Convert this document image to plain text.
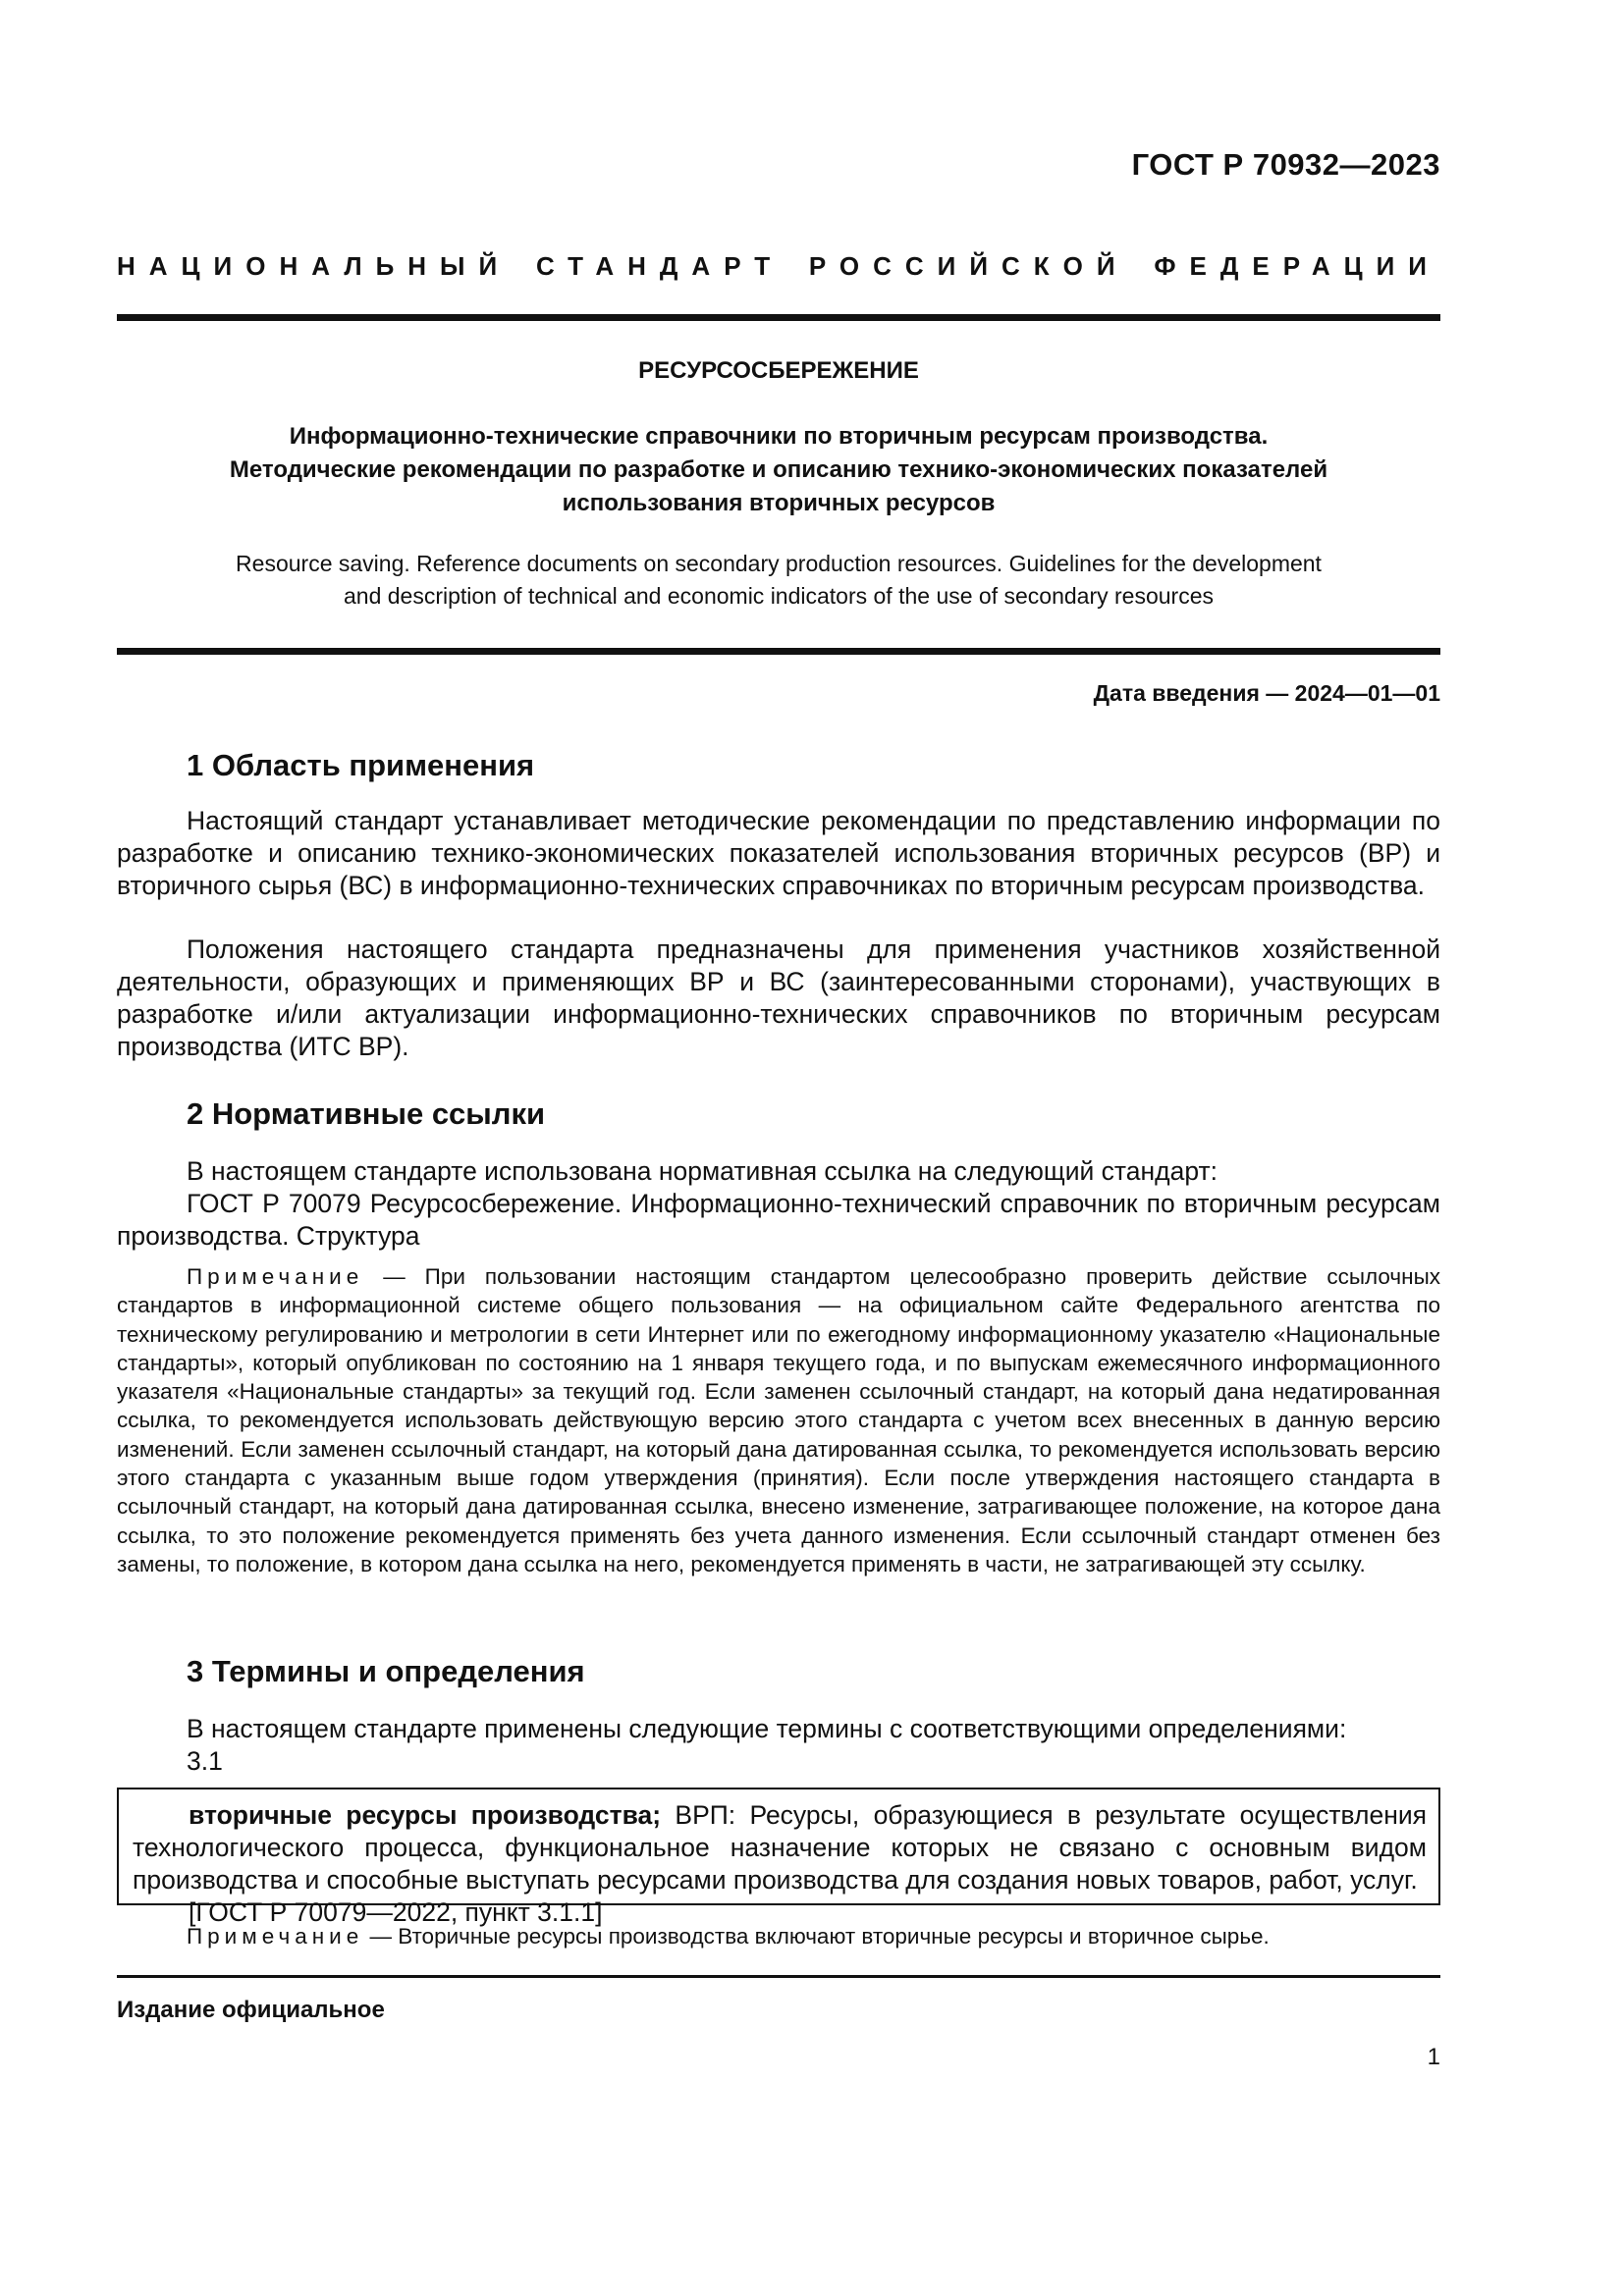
ГОСТ Р 70932—2023
НАЦИОНАЛЬНЫЙ СТАНДАРТ РОССИЙСКОЙ ФЕДЕРАЦИИ
РЕСУРСОСБЕРЕЖЕНИЕ
Информационно-технические справочники по вторичным ресурсам производства.
Методические рекомендации по разработке и описанию технико-экономических показателей
использования вторичных ресурсов
Resource saving. Reference documents on secondary production resources. Guidelines for the development
and description of technical and economic indicators of the use of secondary resources
Дата введения — 2024—01—01
1 Область применения
Настоящий стандарт устанавливает методические рекомендации по представлению информации по разработке и описанию технико-экономических показателей использования вторичных ресурсов (ВР) и вторичного сырья (ВС) в информационно-технических справочниках по вторичным ресурсам производства.
Положения настоящего стандарта предназначены для применения участников хозяйственной деятельности, образующих и применяющих ВР и ВС (заинтересованными сторонами), участвующих в разработке и/или актуализации информационно-технических справочников по вторичным ресурсам производства (ИТС ВР).
2 Нормативные ссылки
В настоящем стандарте использована нормативная ссылка на следующий стандарт:
ГОСТ Р 70079 Ресурсосбережение. Информационно-технический справочник по вторичным ресурсам производства. Структура
Примечание — При пользовании настоящим стандартом целесообразно проверить действие ссылочных стандартов в информационной системе общего пользования — на официальном сайте Федерального агентства по техническому регулированию и метрологии в сети Интернет или по ежегодному информационному указателю «Национальные стандарты», который опубликован по состоянию на 1 января текущего года, и по выпускам ежемесячного информационного указателя «Национальные стандарты» за текущий год. Если заменен ссылочный стандарт, на который дана недатированная ссылка, то рекомендуется использовать действующую версию этого стандарта с учетом всех внесенных в данную версию изменений. Если заменен ссылочный стандарт, на который дана датированная ссылка, то рекомендуется использовать версию этого стандарта с указанным выше годом утверждения (принятия). Если после утверждения настоящего стандарта в ссылочный стандарт, на который дана датированная ссылка, внесено изменение, затрагивающее положение, на которое дана ссылка, то это положение рекомендуется применять без учета данного изменения. Если ссылочный стандарт отменен без замены, то положение, в котором дана ссылка на него, рекомендуется применять в части, не затрагивающей эту ссылку.
3 Термины и определения
В настоящем стандарте применены следующие термины с соответствующими определениями:
3.1
вторичные ресурсы производства; ВРП: Ресурсы, образующиеся в результате осуществления технологического процесса, функциональное назначение которых не связано с основным видом производства и способные выступать ресурсами производства для создания новых товаров, работ, услуг.
[ГОСТ Р 70079—2022, пункт 3.1.1]
Примечание — Вторичные ресурсы производства включают вторичные ресурсы и вторичное сырье.
Издание официальное
1
